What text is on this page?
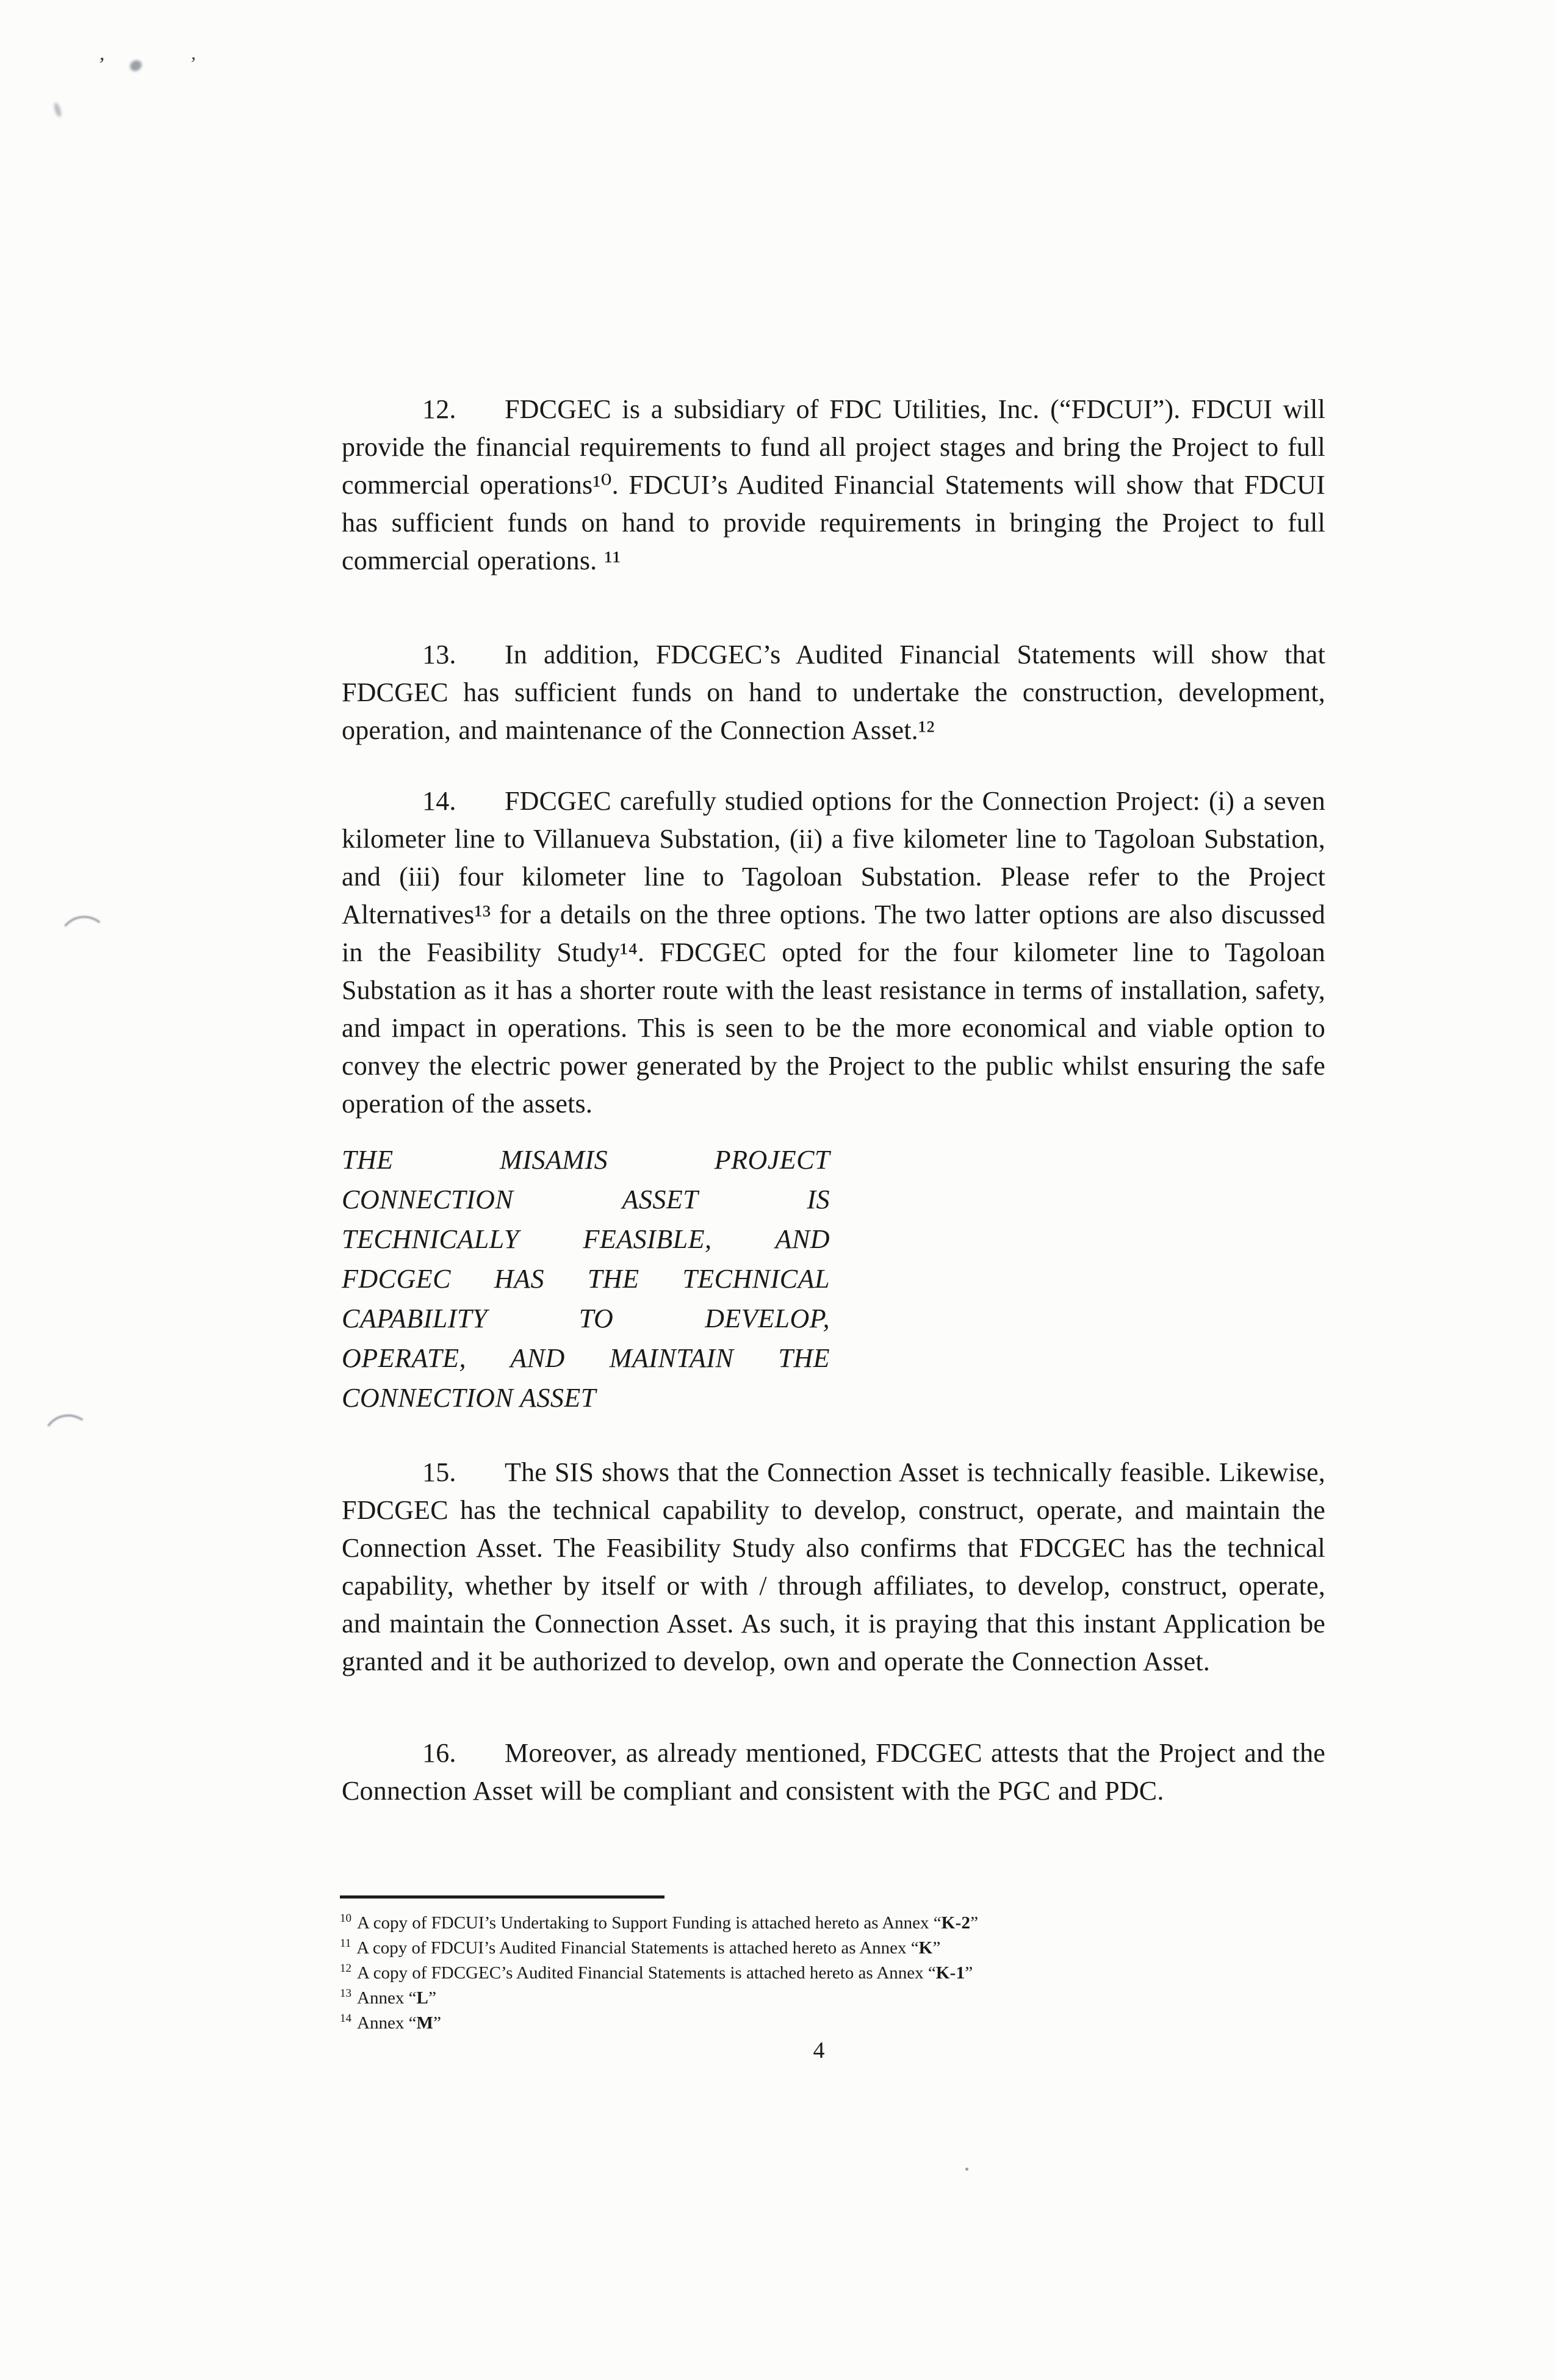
’	’

12. FDCGEC is a subsidiary of FDC Utilities, Inc. (“FDCUI”). FDCUI will provide the financial requirements to fund all project stages and bring the Project to full commercial operations¹⁰. FDCUI’s Audited Financial Statements will show that FDCUI has sufficient funds on hand to provide requirements in bringing the Project to full commercial operations. ¹¹

13. In addition, FDCGEC’s Audited Financial Statements will show that FDCGEC has sufficient funds on hand to undertake the construction, development, operation, and maintenance of the Connection Asset.¹²

14. FDCGEC carefully studied options for the Connection Project: (i) a seven kilometer line to Villanueva Substation, (ii) a five kilometer line to Tagoloan Substation, and (iii) four kilometer line to Tagoloan Substation. Please refer to the Project Alternatives¹³ for a details on the three options. The two latter options are also discussed in the Feasibility Study¹⁴. FDCGEC opted for the four kilometer line to Tagoloan Substation as it has a shorter route with the least resistance in terms of installation, safety, and impact in operations. This is seen to be the more economical and viable option to convey the electric power generated by the Project to the public whilst ensuring the safe operation of the assets.

THE MISAMIS PROJECT
CONNECTION ASSET IS
TECHNICALLY FEASIBLE, AND
FDCGEC HAS THE TECHNICAL
CAPABILITY TO DEVELOP,
OPERATE, AND MAINTAIN THE
CONNECTION ASSET

15. The SIS shows that the Connection Asset is technically feasible. Likewise, FDCGEC has the technical capability to develop, construct, operate, and maintain the Connection Asset. The Feasibility Study also confirms that FDCGEC has the technical capability, whether by itself or with / through affiliates, to develop, construct, operate, and maintain the Connection Asset. As such, it is praying that this instant Application be granted and it be authorized to develop, own and operate the Connection Asset.

16. Moreover, as already mentioned, FDCGEC attests that the Project and the Connection Asset will be compliant and consistent with the PGC and PDC.

$^{10}$ A copy of FDCUI’s Undertaking to Support Funding is attached hereto as Annex “K-2”
$^{11}$ A copy of FDCUI’s Audited Financial Statements is attached hereto as Annex “K”
$^{12}$ A copy of FDCGEC’s Audited Financial Statements is attached hereto as Annex “K-1”
$^{13}$ Annex “L”
$^{14}$ Annex “M”
4
